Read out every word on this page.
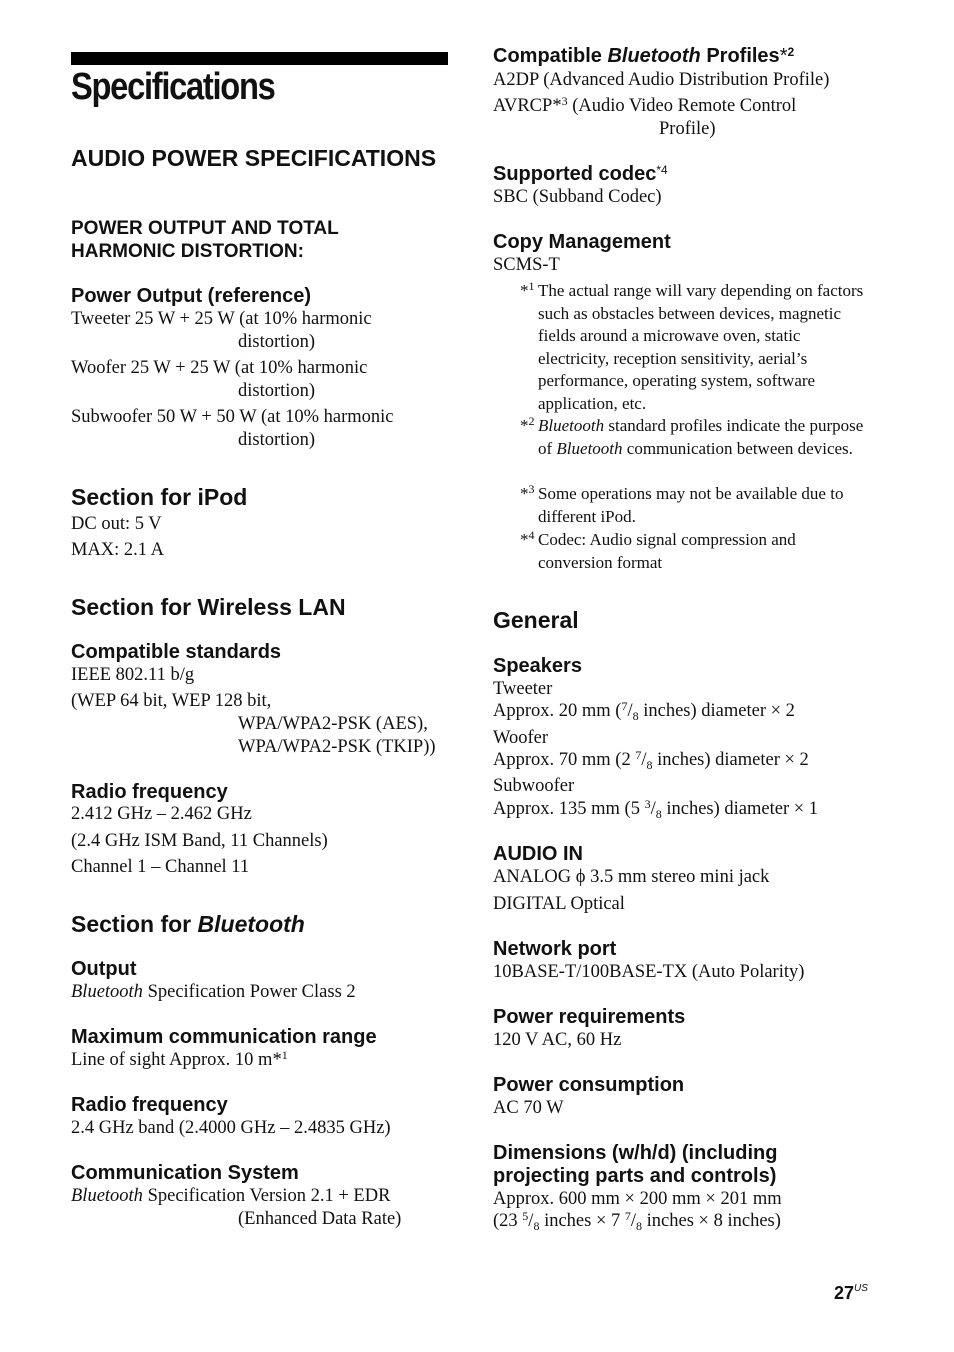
Specifications
AUDIO POWER SPECIFICATIONS
POWER OUTPUT AND TOTAL HARMONIC DISTORTION:
Power Output (reference)
Tweeter 25 W + 25 W (at 10% harmonic
distortion)
Woofer 25 W + 25 W (at 10% harmonic
distortion)
Subwoofer 50 W + 50 W (at 10% harmonic
distortion)
Section for iPod
DC out: 5 V
MAX: 2.1 A
Section for Wireless LAN
Compatible standards
IEEE 802.11 b/g
(WEP 64 bit, WEP 128 bit,
WPA/WPA2-PSK (AES),
WPA/WPA2-PSK (TKIP))
Radio frequency
2.412 GHz – 2.462 GHz
(2.4 GHz ISM Band, 11 Channels)
Channel 1 – Channel 11
Section for Bluetooth
Output
Bluetooth Specification Power Class 2
Maximum communication range
Line of sight Approx. 10 m*$^1$
Radio frequency
2.4 GHz band (2.4000 GHz – 2.4835 GHz)
Communication System
Bluetooth Specification Version 2.1 + EDR
(Enhanced Data Rate)
Compatible Bluetooth Profiles*$^2$
A2DP (Advanced Audio Distribution Profile)
AVRCP*$^3$ (Audio Video Remote Control
Profile)
Supported codec$^{*4}$
SBC (Subband Codec)
Copy Management
SCMS-T
*$^1$ The actual range will vary depending on factors such as obstacles between devices, magnetic fields around a microwave oven, static electricity, reception sensitivity, aerial’s performance, operating system, software application, etc.
*$^2$ Bluetooth standard profiles indicate the purpose of Bluetooth communication between devices.
*$^3$ Some operations may not be available due to different iPod.
*$^4$ Codec: Audio signal compression and conversion format
General
Speakers
Tweeter
Approx. 20 mm ($^7/_8$ inches) diameter × 2
Woofer
Approx. 70 mm (2 $^7/_8$ inches) diameter × 2
Subwoofer
Approx. 135 mm (5 $^3/_8$ inches) diameter × 1
AUDIO IN
ANALOG ϕ 3.5 mm stereo mini jack
DIGITAL Optical
Network port
10BASE-T/100BASE-TX (Auto Polarity)
Power requirements
120 V AC, 60 Hz
Power consumption
AC 70 W
Dimensions (w/h/d) (including
projecting parts and controls)
Approx. 600 mm × 200 mm × 201 mm
(23 $^5/_8$ inches × 7 $^7/_8$ inches × 8 inches)
$27^{US}$
